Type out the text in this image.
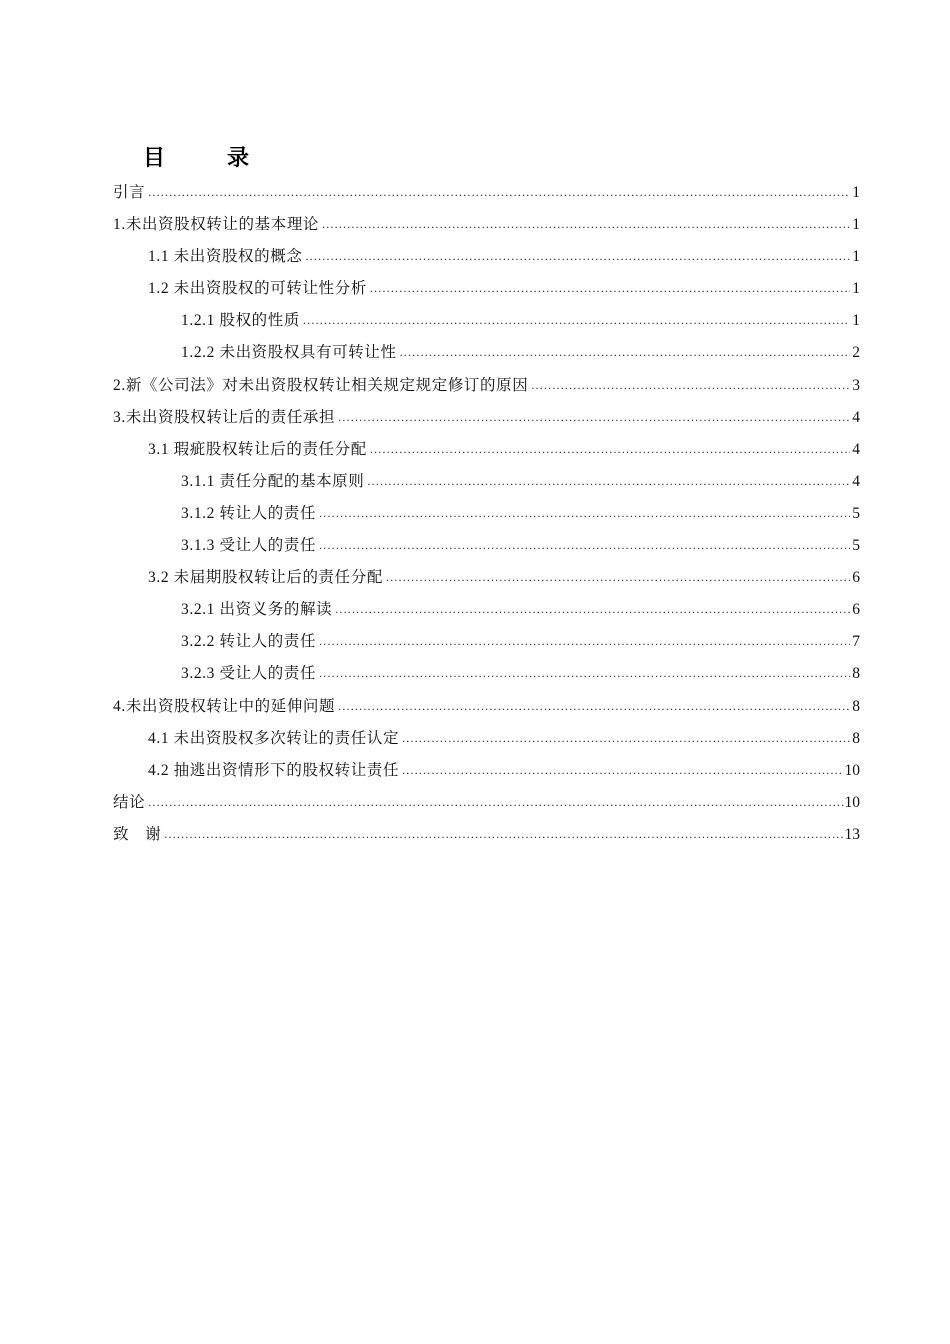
目　录
引言 .....	1
1.未出资股权转让的基本理论 .....	1
1.1 未出资股权的概念 .....	1
1.2 未出资股权的可转让性分析 .....	1
1.2.1 股权的性质 .....	1
1.2.2 未出资股权具有可转让性 .....	2
2.新《公司法》对未出资股权转让相关规定规定修订的原因 .....	3
3.未出资股权转让后的责任承担 .....	4
3.1 瑕疵股权转让后的责任分配 .....	4
3.1.1 责任分配的基本原则 .....	4
3.1.2 转让人的责任 .....	5
3.1.3 受让人的责任 .....	5
3.2 未届期股权转让后的责任分配 .....	6
3.2.1 出资义务的解读 .....	6
3.2.2 转让人的责任 .....	7
3.2.3 受让人的责任 .....	8
4.未出资股权转让中的延伸问题 .....	8
4.1 未出资股权多次转让的责任认定 .....	8
4.2 抽逃出资情形下的股权转让责任 .....	10
结论 .....	10
致　谢 .....	13
